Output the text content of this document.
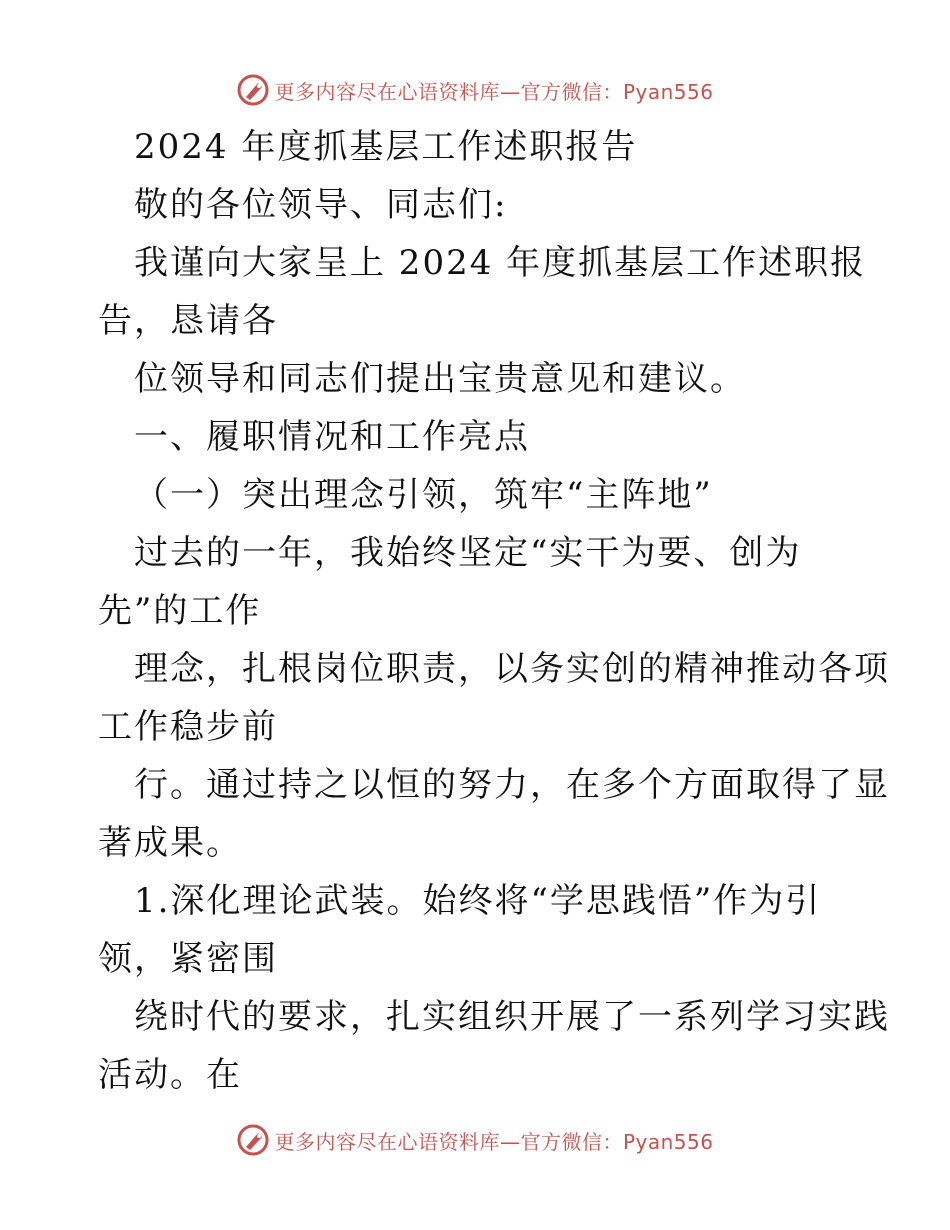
更多内容尽在心语资料库—官方微信：Pyan556
2024 年度抓基层工作述职报告
敬的各位领导、同志们:
我谨向大家呈上 2024 年度抓基层工作述职报
告，恳请各
位领导和同志们提出宝贵意见和建议。
一、履职情况和工作亮点
（一）突出理念引领，筑牢“主阵地”
过去的一年，我始终坚定“实干为要、创为
先”的工作
理念，扎根岗位职责，以务实创的精神推动各项
工作稳步前
行。通过持之以恒的努力，在多个方面取得了显
著成果。
1.深化理论武装。始终将“学思践悟”作为引
领，紧密围
绕时代的要求，扎实组织开展了一系列学习实践
活动。在
更多内容尽在心语资料库—官方微信：Pyan556
